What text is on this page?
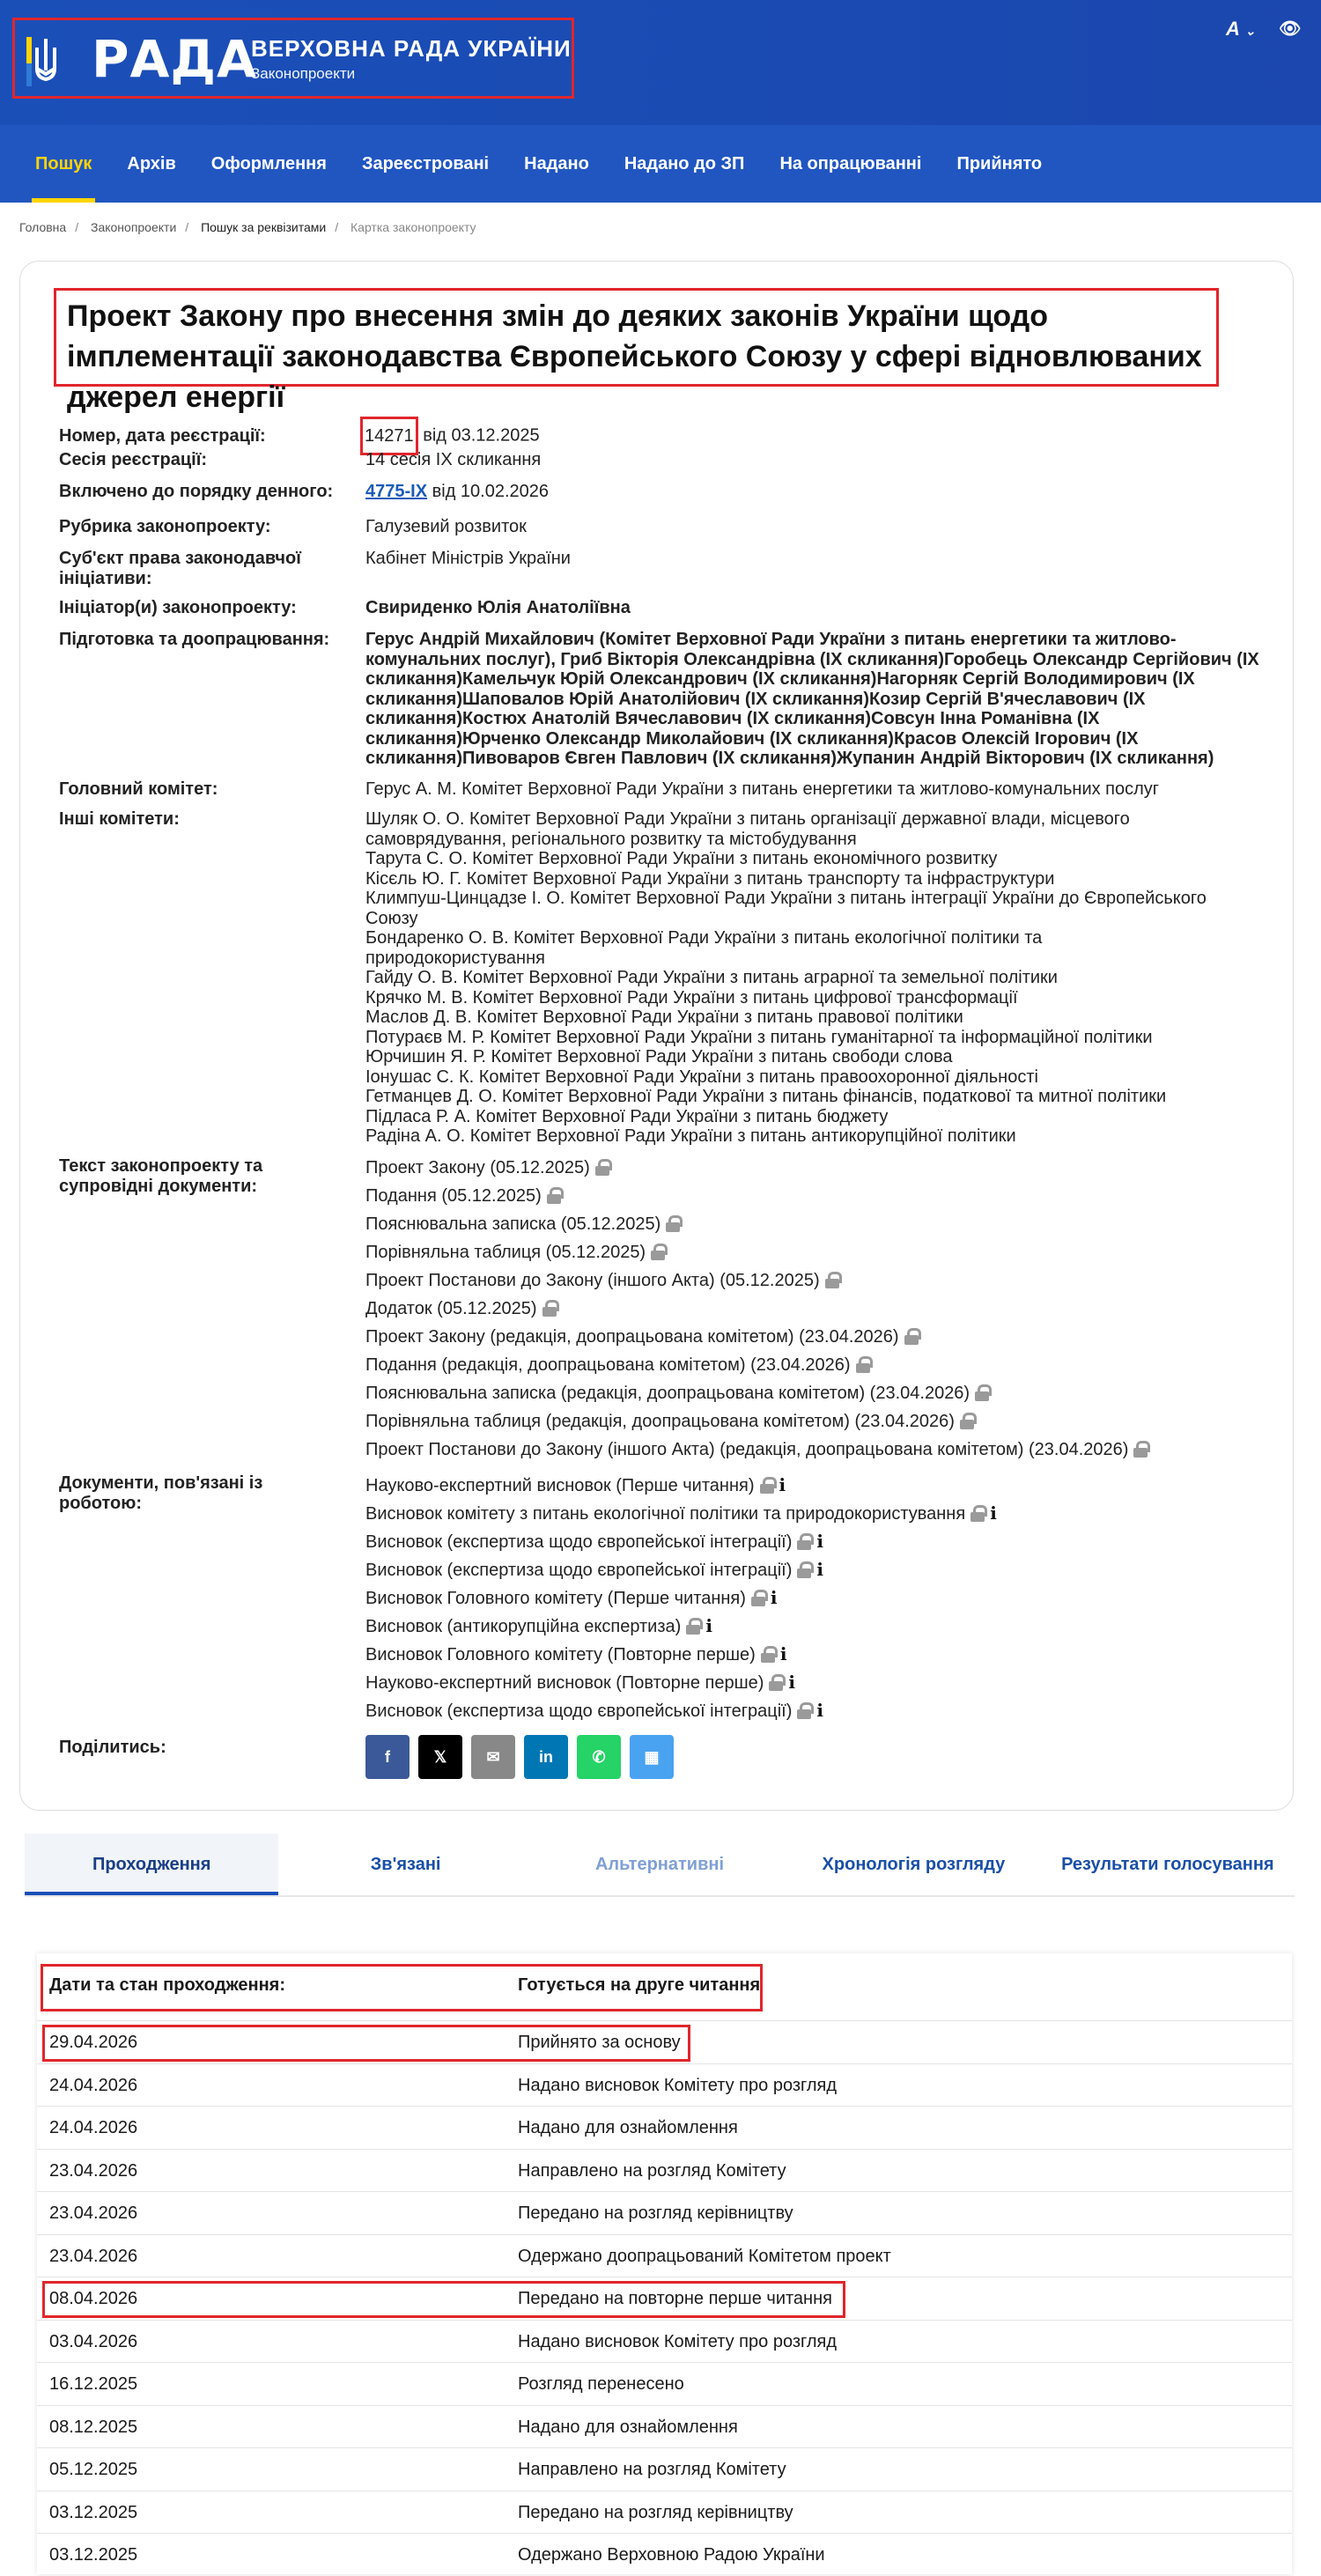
РАДА
ВЕРХОВНА РАДА УКРАЇНИ
Законопроекти
A ⌄ 👁
Пошук	Архів	Оформлення	Зареєстровані	Надано	Надано до ЗП	На опрацюванні	Прийнято
Головна / Законопроекти / Пошук за реквізитами / Картка законопроекту
Проект Закону про внесення змін до деяких законів України щодо імплементації законодавства Європейського Союзу у сфері відновлюваних джерел енергії
Номер, дата реєстрації:	14271 від 03.12.2025
Сесія реєстрації:	14 сесія IX скликання
Включено до порядку денного:	4775-IX від 10.02.2026
Рубрика законопроекту:	Галузевий розвиток
Суб'єкт права законодавчої ініціативи:
Кабінет Міністрів України
Ініціатор(и) законопроекту:	Свириденко Юлія Анатоліївна
Підготовка та доопрацювання:	Герус Андрій Михайлович (Комітет Верховної Ради України з питань енергетики та житлово-
комунальних послуг), Гриб Вікторія Олександрівна (IX скликання)Горобець Олександр Сергійович (IX
скликання)Камельчук Юрій Олександрович (IX скликання)Нагорняк Сергій Володимирович (IX
скликання)Шаповалов Юрій Анатолійович (IX скликання)Козир Сергій В'ячеславович (IX
скликання)Костюх Анатолій Вячеславович (IX скликання)Совсун Інна Романівна (IX
скликання)Юрченко Олександр Миколайович (IX скликання)Красов Олексій Ігорович (IX
скликання)Пивоваров Євген Павлович (IX скликання)Жупанин Андрій Вікторович (IX скликання)
Головний комітет:	Герус А. М. Комітет Верховної Ради України з питань енергетики та житлово-комунальних послуг
Інші комітети:	Шуляк О. О. Комітет Верховної Ради України з питань організації державної влади, місцевого
самоврядування, регіонального розвитку та містобудування
Тарута С. О. Комітет Верховної Ради України з питань економічного розвитку
Кісєль Ю. Г. Комітет Верховної Ради України з питань транспорту та інфраструктури
Климпуш-Цинцадзе І. О. Комітет Верховної Ради України з питань інтеграції України до Європейського
Союзу
Бондаренко О. В. Комітет Верховної Ради України з питань екологічної політики та
природокористування
Гайду О. В. Комітет Верховної Ради України з питань аграрної та земельної політики
Крячко М. В. Комітет Верховної Ради України з питань цифрової трансформації
Маслов Д. В. Комітет Верховної Ради України з питань правової політики
Потураєв М. Р. Комітет Верховної Ради України з питань гуманітарної та інформаційної політики
Юрчишин Я. Р. Комітет Верховної Ради України з питань свободи слова
Іонушас С. К. Комітет Верховної Ради України з питань правоохоронної діяльності
Гетманцев Д. О. Комітет Верховної Ради України з питань фінансів, податкової та митної політики
Підласа Р. А. Комітет Верховної Ради України з питань бюджету
Радіна А. О. Комітет Верховної Ради України з питань антикорупційної політики
Текст законопроекту та супровідні документи:
Проект Закону (05.12.2025)
Подання (05.12.2025)
Пояснювальна записка (05.12.2025)
Порівняльна таблиця (05.12.2025)
Проект Постанови до Закону (іншого Акта) (05.12.2025)
Додаток (05.12.2025)
Проект Закону (редакція, доопрацьована комітетом) (23.04.2026)
Подання (редакція, доопрацьована комітетом) (23.04.2026)
Пояснювальна записка (редакція, доопрацьована комітетом) (23.04.2026)
Порівняльна таблиця (редакція, доопрацьована комітетом) (23.04.2026)
Проект Постанови до Закону (іншого Акта) (редакція, доопрацьована комітетом) (23.04.2026)
Документи, пов'язані із роботою:
Науково-експертний висновок (Перше читання) i
Висновок комітету з питань екологічної політики та природокористування i
Висновок (експертиза щодо європейської інтеграції) i
Висновок (експертиза щодо європейської інтеграції) i
Висновок Головного комітету (Перше читання) i
Висновок (антикорупційна експертиза) i
Висновок Головного комітету (Повторне перше) i
Науково-експертний висновок (Повторне перше) i
Висновок (експертиза щодо європейської інтеграції) i
Поділитись:	f	𝕏	✉	in	✆	▦
Проходження	Зв'язані	Альтернативні	Хронологія розгляду	Результати голосування
Дати та стан проходження:	Готується на друге читання
29.04.2026	Прийнято за основу
24.04.2026	Надано висновок Комітету про розгляд
24.04.2026	Надано для ознайомлення
23.04.2026	Направлено на розгляд Комітету
23.04.2026	Передано на розгляд керівництву
23.04.2026	Одержано доопрацьований Комітетом проект
08.04.2026	Передано на повторне перше читання
03.04.2026	Надано висновок Комітету про розгляд
16.12.2025	Розгляд перенесено
08.12.2025	Надано для ознайомлення
05.12.2025	Направлено на розгляд Комітету
03.12.2025	Передано на розгляд керівництву
03.12.2025	Одержано Верховною Радою України
